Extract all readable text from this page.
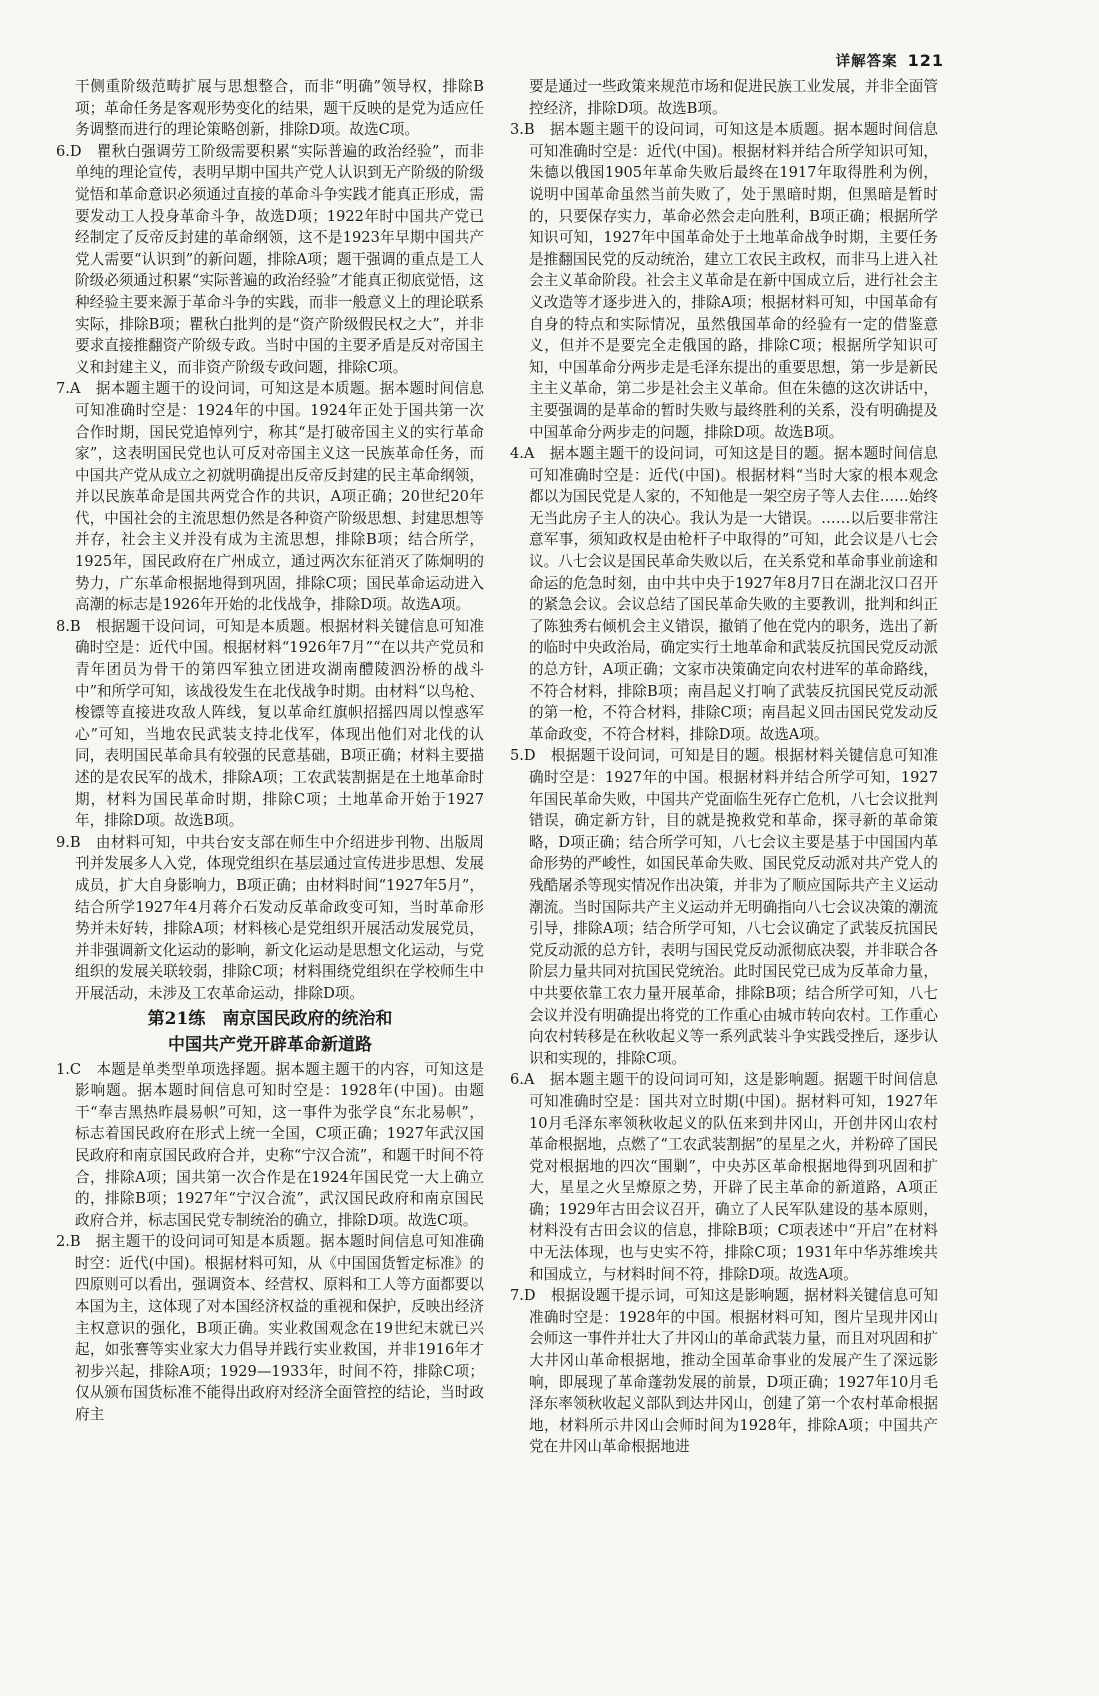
详解答案 121

干侧重阶级范畴扩展与思想整合，而非“明确”领导权，排除B项；革命任务是客观形势变化的结果，题干反映的是党为适应任务调整而进行的理论策略创新，排除D项。故选C项。

6.D　瞿秋白强调劳工阶级需要积累“实际普遍的政治经验”，而非单纯的理论宣传，表明早期中国共产党人认识到无产阶级的阶级觉悟和革命意识必须通过直接的革命斗争实践才能真正形成，需要发动工人投身革命斗争，故选D项；1922年时中国共产党已经制定了反帝反封建的革命纲领，这不是1923年早期中国共产党人需要“认识到”的新问题，排除A项；题干强调的重点是工人阶级必须通过积累“实际普遍的政治经验”才能真正彻底觉悟，这种经验主要来源于革命斗争的实践，而非一般意义上的理论联系实际，排除B项；瞿秋白批判的是“资产阶级假民权之大”，并非要求直接推翻资产阶级专政。当时中国的主要矛盾是反对帝国主义和封建主义，而非资产阶级专政问题，排除C项。

7.A　据本题主题干的设问词，可知这是本质题。据本题时间信息可知准确时空是：1924年的中国。1924年正处于国共第一次合作时期，国民党追悼列宁，称其“是打破帝国主义的实行革命家”，这表明国民党也认可反对帝国主义这一民族革命任务，而中国共产党从成立之初就明确提出反帝反封建的民主革命纲领，并以民族革命是国共两党合作的共识，A项正确；20世纪20年代，中国社会的主流思想仍然是各种资产阶级思想、封建思想等并存，社会主义并没有成为主流思想，排除B项；结合所学，1925年，国民政府在广州成立，通过两次东征消灭了陈炯明的势力，广东革命根据地得到巩固，排除C项；国民革命运动进入高潮的标志是1926年开始的北伐战争，排除D项。故选A项。

8.B　根据题干设问词，可知是本质题。根据材料关键信息可知准确时空是：近代中国。根据材料“1926年7月”“在以共产党员和青年团员为骨干的第四军独立团进攻湖南醴陵泗汾桥的战斗中”和所学可知，该战役发生在北伐战争时期。由材料“以鸟枪、梭镖等直接进攻敌人阵线，复以革命红旗帜招摇四周以惶惑军心”可知，当地农民武装支持北伐军，体现出他们对北伐的认同，表明国民革命具有较强的民意基础，B项正确；材料主要描述的是农民军的战术，排除A项；工农武装割据是在土地革命时期，材料为国民革命时期，排除C项；土地革命开始于1927年，排除D项。故选B项。

9.B　由材料可知，中共台安支部在师生中介绍进步刊物、出版周刊并发展多人入党，体现党组织在基层通过宣传进步思想、发展成员，扩大自身影响力，B项正确；由材料时间“1927年5月”，结合所学1927年4月蒋介石发动反革命政变可知，当时革命形势并未好转，排除A项；材料核心是党组织开展活动发展党员，并非强调新文化运动的影响，新文化运动是思想文化运动，与党组织的发展关联较弱，排除C项；材料围绕党组织在学校师生中开展活动，未涉及工农革命运动，排除D项。

第21练　南京国民政府的统治和

中国共产党开辟革命新道路

1.C　本题是单类型单项选择题。据本题主题干的内容，可知这是影响题。据本题时间信息可知时空是：1928年(中国)。由题干“奉吉黑热昨晨易帜”可知，这一事件为张学良“东北易帜”，标志着国民政府在形式上统一全国，C项正确；1927年武汉国民政府和南京国民政府合并，史称“宁汉合流”，和题干时间不符合，排除A项；国共第一次合作是在1924年国民党一大上确立的，排除B项；1927年“宁汉合流”，武汉国民政府和南京国民政府合并，标志国民党专制统治的确立，排除D项。故选C项。

2.B　据主题干的设问词可知是本质题。据本题时间信息可知准确时空：近代(中国)。根据材料可知，从《中国国货暂定标准》的四原则可以看出，强调资本、经营权、原料和工人等方面都要以本国为主，这体现了对本国经济权益的重视和保护，反映出经济主权意识的强化，B项正确。实业救国观念在19世纪末就已兴起，如张謇等实业家大力倡导并践行实业救国，并非1916年才初步兴起，排除A项；1929—1933年，时间不符，排除C项；仅从颁布国货标准不能得出政府对经济全面管控的结论，当时政府主

要是通过一些政策来规范市场和促进民族工业发展，并非全面管控经济，排除D项。故选B项。

3.B　据本题主题干的设问词，可知这是本质题。据本题时间信息可知准确时空是：近代(中国)。根据材料并结合所学知识可知，朱德以俄国1905年革命失败后最终在1917年取得胜利为例，说明中国革命虽然当前失败了，处于黑暗时期，但黑暗是暂时的，只要保存实力，革命必然会走向胜利，B项正确；根据所学知识可知，1927年中国革命处于土地革命战争时期，主要任务是推翻国民党的反动统治，建立工农民主政权，而非马上进入社会主义革命阶段。社会主义革命是在新中国成立后，进行社会主义改造等才逐步进入的，排除A项；根据材料可知，中国革命有自身的特点和实际情况，虽然俄国革命的经验有一定的借鉴意义，但并不是要完全走俄国的路，排除C项；根据所学知识可知，中国革命分两步走是毛泽东提出的重要思想，第一步是新民主主义革命，第二步是社会主义革命。但在朱德的这次讲话中，主要强调的是革命的暂时失败与最终胜利的关系，没有明确提及中国革命分两步走的问题，排除D项。故选B项。

4.A　据本题主题干的设问词，可知这是目的题。据本题时间信息可知准确时空是：近代(中国)。根据材料“当时大家的根本观念都以为国民党是人家的，不知他是一架空房子等人去住……始终无当此房子主人的决心。我认为是一大错误。……以后要非常注意军事，须知政权是由枪杆子中取得的”可知，此会议是八七会议。八七会议是国民革命失败以后，在关系党和革命事业前途和命运的危急时刻，由中共中央于1927年8月7日在湖北汉口召开的紧急会议。会议总结了国民革命失败的主要教训，批判和纠正了陈独秀右倾机会主义错误，撤销了他在党内的职务，选出了新的临时中央政治局，确定实行土地革命和武装反抗国民党反动派的总方针，A项正确；文家市决策确定向农村进军的革命路线，不符合材料，排除B项；南昌起义打响了武装反抗国民党反动派的第一枪，不符合材料，排除C项；南昌起义回击国民党发动反革命政变，不符合材料，排除D项。故选A项。

5.D　根据题干设问词，可知是目的题。根据材料关键信息可知准确时空是：1927年的中国。根据材料并结合所学可知，1927年国民革命失败，中国共产党面临生死存亡危机，八七会议批判错误，确定新方针，目的就是挽救党和革命，探寻新的革命策略，D项正确；结合所学可知，八七会议主要是基于中国国内革命形势的严峻性，如国民革命失败、国民党反动派对共产党人的残酷屠杀等现实情况作出决策，并非为了顺应国际共产主义运动潮流。当时国际共产主义运动并无明确指向八七会议决策的潮流引导，排除A项；结合所学可知，八七会议确定了武装反抗国民党反动派的总方针，表明与国民党反动派彻底决裂，并非联合各阶层力量共同对抗国民党统治。此时国民党已成为反革命力量，中共要依靠工农力量开展革命，排除B项；结合所学可知，八七会议并没有明确提出将党的工作重心由城市转向农村。工作重心向农村转移是在秋收起义等一系列武装斗争实践受挫后，逐步认识和实现的，排除C项。

6.A　据本题主题干的设问词可知，这是影响题。据题干时间信息可知准确时空是：国共对立时期(中国)。据材料可知，1927年10月毛泽东率领秋收起义的队伍来到井冈山，开创井冈山农村革命根据地，点燃了“工农武装割据”的星星之火，并粉碎了国民党对根据地的四次“围剿”，中央苏区革命根据地得到巩固和扩大，星星之火呈燎原之势，开辟了民主革命的新道路，A项正确；1929年古田会议召开，确立了人民军队建设的基本原则，材料没有古田会议的信息，排除B项；C项表述中“开启”在材料中无法体现，也与史实不符，排除C项；1931年中华苏维埃共和国成立，与材料时间不符，排除D项。故选A项。

7.D　根据设题干提示词，可知这是影响题，据材料关键信息可知准确时空是：1928年的中国。根据材料可知，图片呈现井冈山会师这一事件并壮大了井冈山的革命武装力量，而且对巩固和扩大井冈山革命根据地，推动全国革命事业的发展产生了深远影响，即展现了革命蓬勃发展的前景，D项正确；1927年10月毛泽东率领秋收起义部队到达井冈山，创建了第一个农村革命根据地，材料所示井冈山会师时间为1928年，排除A项；中国共产党在井冈山革命根据地进
